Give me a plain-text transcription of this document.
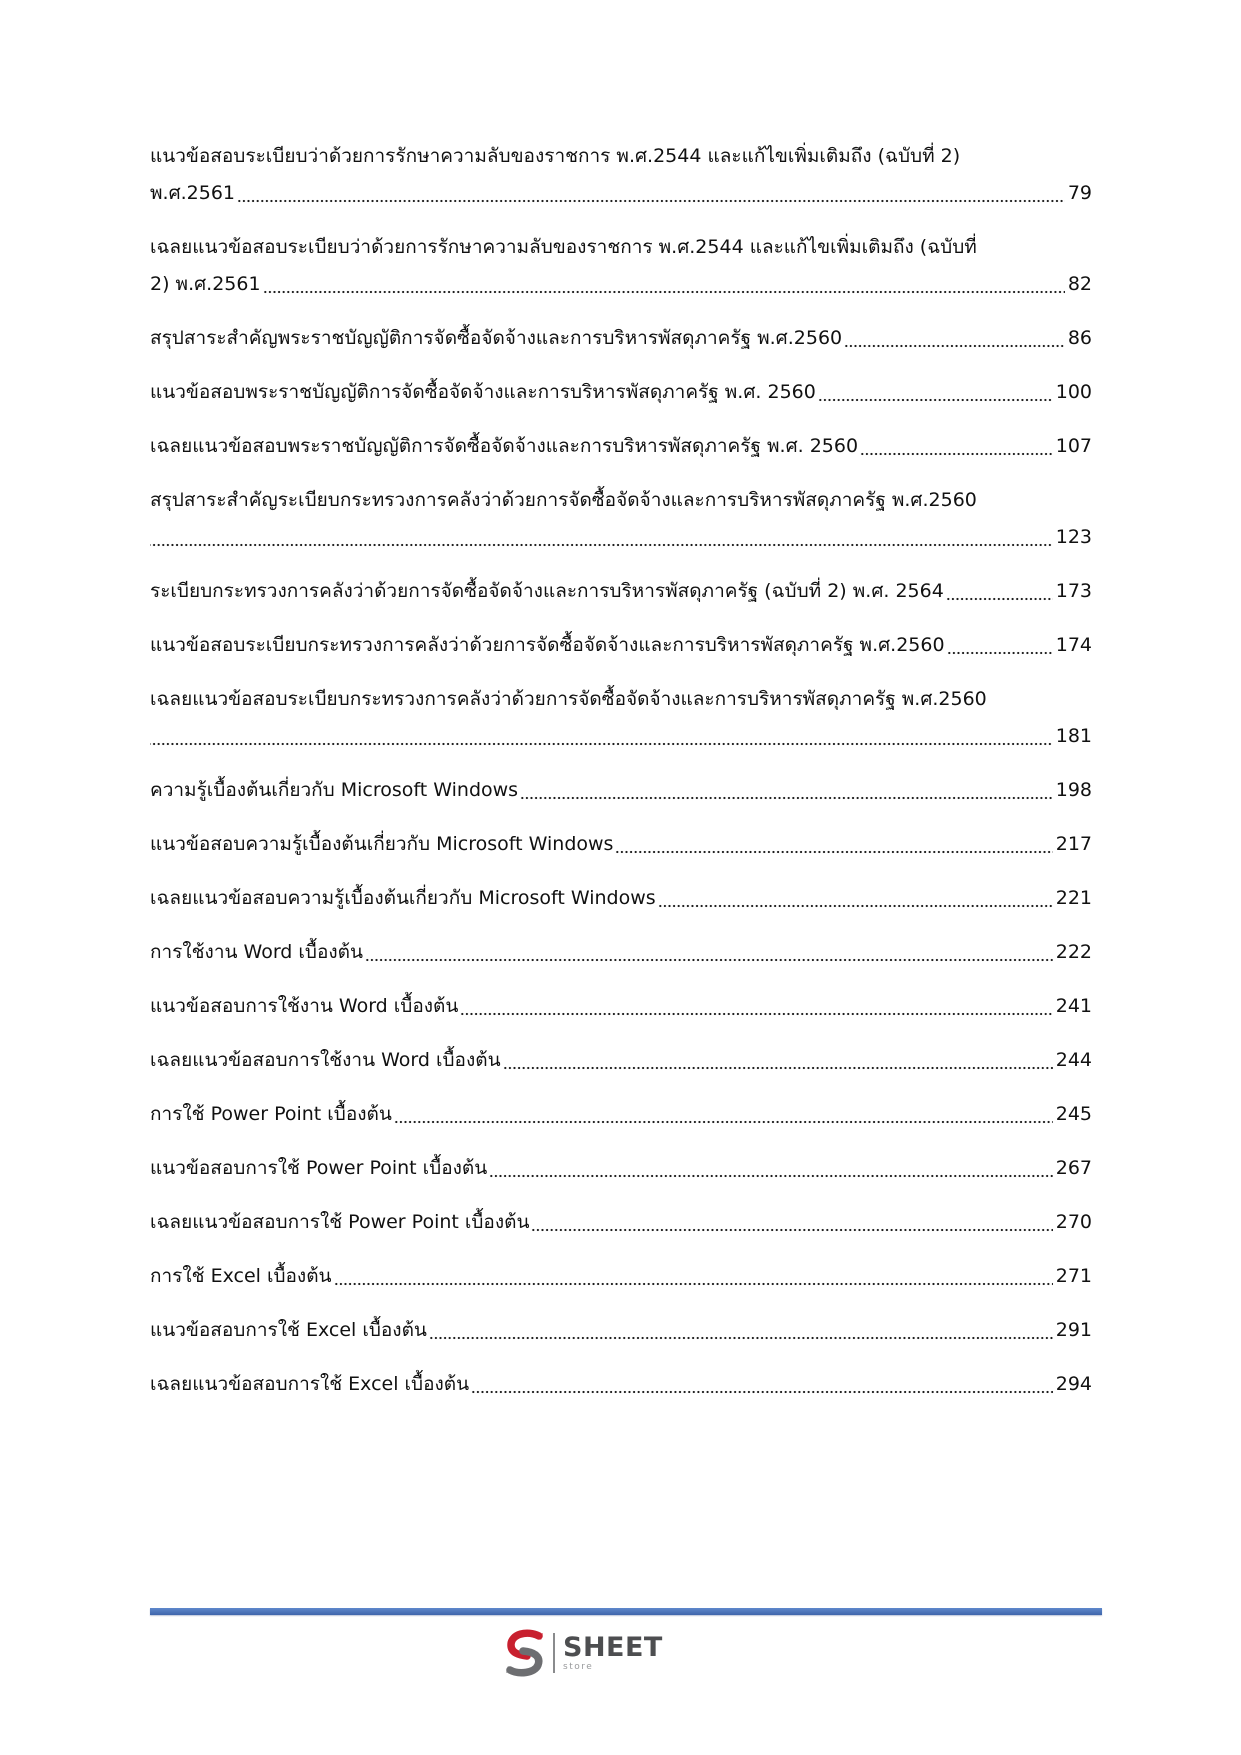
แนวข้อสอบระเบียบว่าด้วยการรักษาความลับของราชการ พ.ศ.2544 และแก้ไขเพิ่มเติมถึง (ฉบับที่ 2)
พ.ศ.2561	79
เฉลยแนวข้อสอบระเบียบว่าด้วยการรักษาความลับของราชการ พ.ศ.2544 และแก้ไขเพิ่มเติมถึง (ฉบับที่
2) พ.ศ.2561	82
สรุปสาระสำคัญพระราชบัญญัติการจัดซื้อจัดจ้างและการบริหารพัสดุภาครัฐ พ.ศ.2560	86
แนวข้อสอบพระราชบัญญัติการจัดซื้อจัดจ้างและการบริหารพัสดุภาครัฐ พ.ศ. 2560	100
เฉลยแนวข้อสอบพระราชบัญญัติการจัดซื้อจัดจ้างและการบริหารพัสดุภาครัฐ พ.ศ. 2560	107
สรุปสาระสำคัญระเบียบกระทรวงการคลังว่าด้วยการจัดซื้อจัดจ้างและการบริหารพัสดุภาครัฐ พ.ศ.2560
123
ระเบียบกระทรวงการคลังว่าด้วยการจัดซื้อจัดจ้างและการบริหารพัสดุภาครัฐ (ฉบับที่ 2) พ.ศ. 2564	173
แนวข้อสอบระเบียบกระทรวงการคลังว่าด้วยการจัดซื้อจัดจ้างและการบริหารพัสดุภาครัฐ พ.ศ.2560	174
เฉลยแนวข้อสอบระเบียบกระทรวงการคลังว่าด้วยการจัดซื้อจัดจ้างและการบริหารพัสดุภาครัฐ พ.ศ.2560
181
ความรู้เบื้องต้นเกี่ยวกับ Microsoft Windows	198
แนวข้อสอบความรู้เบื้องต้นเกี่ยวกับ Microsoft Windows	217
เฉลยแนวข้อสอบความรู้เบื้องต้นเกี่ยวกับ Microsoft Windows	221
การใช้งาน Word เบื้องต้น	222
แนวข้อสอบการใช้งาน Word เบื้องต้น	241
เฉลยแนวข้อสอบการใช้งาน Word เบื้องต้น	244
การใช้ Power Point เบื้องต้น	245
แนวข้อสอบการใช้ Power Point เบื้องต้น	267
เฉลยแนวข้อสอบการใช้ Power Point เบื้องต้น	270
การใช้ Excel เบื้องต้น	271
แนวข้อสอบการใช้ Excel เบื้องต้น	291
เฉลยแนวข้อสอบการใช้ Excel เบื้องต้น	294
SHEET
store
